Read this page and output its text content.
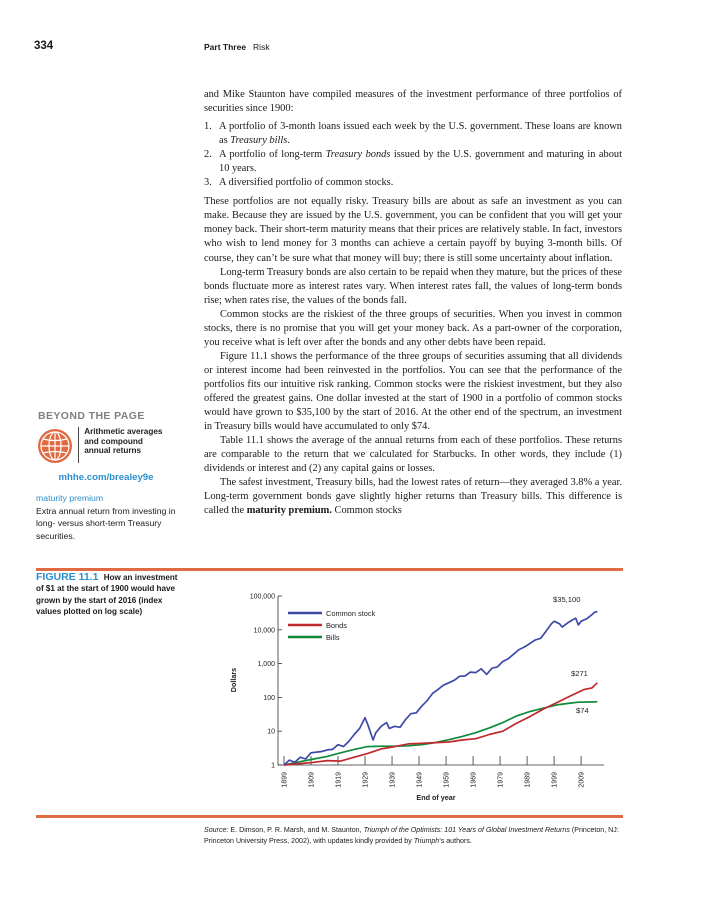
334	Part Three Risk

and Mike Staunton have compiled measures of the investment performance of three portfolios of securities since 1900:

1. A portfolio of 3-month loans issued each week by the U.S. government. These loans are known as Treasury bills.
2. A portfolio of long-term Treasury bonds issued by the U.S. government and maturing in about 10 years.
3. A diversified portfolio of common stocks.

These portfolios are not equally risky. Treasury bills are about as safe an investment as you can make. Because they are issued by the U.S. government, you can be confident that you will get your money back. Their short-term maturity means that their prices are relatively stable. In fact, investors who wish to lend money for 3 months can achieve a certain payoff by buying 3-month bills. Of course, they can’t be sure what that money will buy; there is still some uncertainty about inflation.

Long-term Treasury bonds are also certain to be repaid when they mature, but the prices of these bonds fluctuate more as interest rates vary. When interest rates fall, the values of long-term bonds rise; when rates rise, the values of the bonds fall.

Common stocks are the riskiest of the three groups of securities. When you invest in common stocks, there is no promise that you will get your money back. As a part-owner of the corporation, you receive what is left over after the bonds and any other debts have been repaid.

Figure 11.1 shows the performance of the three groups of securities assuming that all dividends or interest income had been reinvested in the portfolios. You can see that the performance of the portfolios fits our intuitive risk ranking. Common stocks were the riskiest investment, but they also offered the greatest gains. One dollar invested at the start of 1900 in a portfolio of common stocks would have grown to $35,100 by the start of 2016. At the other end of the spectrum, an investment in Treasury bills would have accumulated to only $74.

Table 11.1 shows the average of the annual returns from each of these portfolios. These returns are comparable to the return that we calculated for Starbucks. In other words, they include (1) dividends or interest and (2) any capital gains or losses.

The safest investment, Treasury bills, had the lowest rates of return—they averaged 3.8% a year. Long-term government bonds gave slightly higher returns than Treasury bills. This difference is called the maturity premium. Common stocks

BEYOND THE PAGE
Arithmetic averages
and compound
annual returns
mhhe.com/brealey9e
maturity premium
Extra annual return from investing in long- versus short-term Treasury securities.
FIGURE 11.1 How an investment of $1 at the start of 1900 would have grown by the start of 2016 (index values plotted on log scale)
1
10
100
1,000
10,000
100,000
1899	1909	1919	1929	1939	1949	1959	1969	1979	1989	1999	2009
Common stock
Bonds
Bills
$35,100
$271
$74
Dollars
End of year
Source: E. Dimson, P. R. Marsh, and M. Staunton, Triumph of the Optimists: 101 Years of Global Investment Returns (Princeton, NJ: Princeton University Press, 2002), with updates kindly provided by Triumph’s authors.
